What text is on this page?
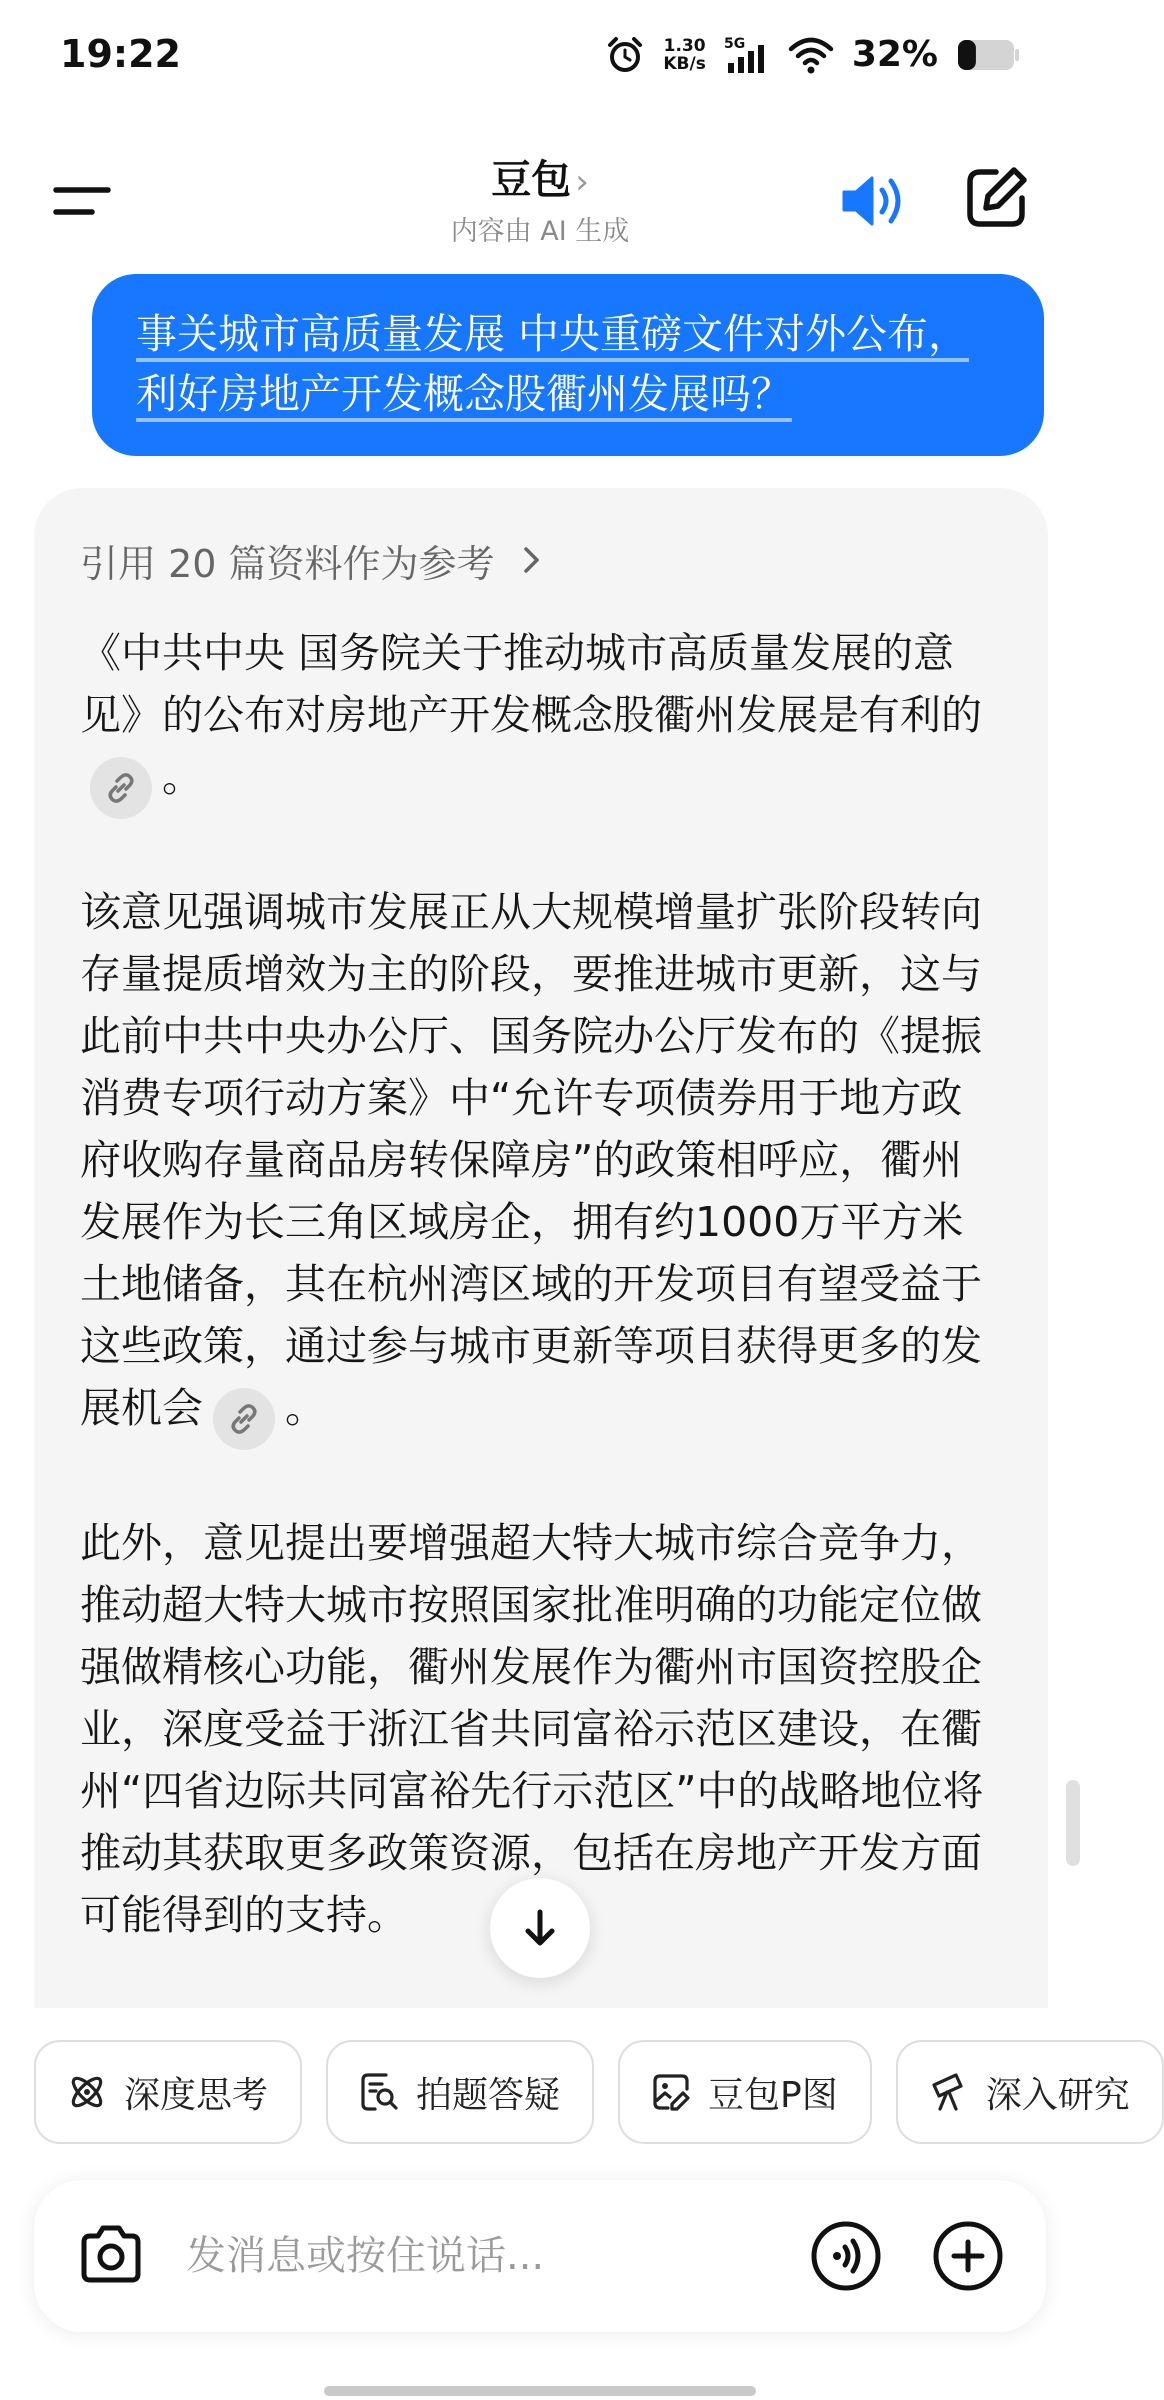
19:22	1.30
KB/s
5G	32%
豆包 ›
内容由 AI 生成
事关城市高质量发展 中央重磅文件对外公布，利好房地产开发概念股衢州发展吗？
引用 20 篇资料作为参考

《中共中央 国务院关于推动城市高质量发展的意见》的公布对房地产开发概念股衢州发展是有利的
。

该意见强调城市发展正从大规模增量扩张阶段转向存量提质增效为主的阶段，要推进城市更新，这与此前中共中央办公厅、国务院办公厅发布的《提振消费专项行动方案》中“允许专项债券用于地方政府收购存量商品房转保障房”的政策相呼应，衢州发展作为长三角区域房企，拥有约1000万平方米土地储备，其在杭州湾区域的开发项目有望受益于这些政策，通过参与城市更新等项目获得更多的发展机会 。

此外，意见提出要增强超大特大城市综合竞争力，推动超大特大城市按照国家批准明确的功能定位做强做精核心功能，衢州发展作为衢州市国资控股企业，深度受益于浙江省共同富裕示范区建设，在衢州“四省边际共同富裕先行示范区”中的战略地位将推动其获取更多政策资源，包括在房地产开发方面可能得到的支持。

深度思考	拍题答疑	豆包P图	深入研究
发消息或按住说话...
